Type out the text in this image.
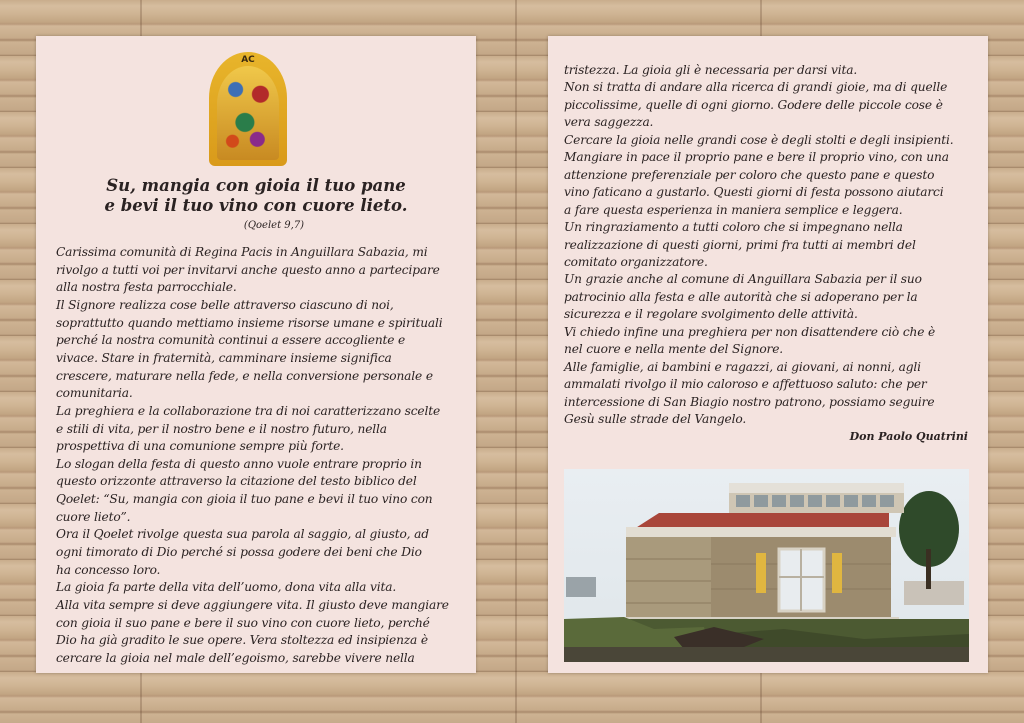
AC
Su, mangia con gioia il tuo pane
e bevi il tuo vino con cuore lieto.
(Qoelet 9,7)
Carissima comunità di Regina Pacis in Anguillara Sabazia, mi
rivolgo a tutti voi per invitarvi anche questo anno a partecipare
alla nostra festa parrocchiale.
Il Signore realizza cose belle attraverso ciascuno di noi,
soprattutto quando mettiamo insieme risorse umane e spirituali
perché la nostra comunità continui a essere accogliente e
vivace. Stare in fraternità, camminare insieme significa
crescere, maturare nella fede, e nella conversione personale e
comunitaria.
La preghiera e la collaborazione tra di noi caratterizzano scelte
e stili di vita, per il nostro bene e il nostro futuro, nella
prospettiva di una comunione sempre più forte.
Lo slogan della festa di questo anno vuole entrare proprio in
questo orizzonte attraverso la citazione del testo biblico del
Qoelet: “Su, mangia con gioia il tuo pane e bevi il tuo vino con
cuore lieto”.
Ora il Qoelet rivolge questa sua parola al saggio, al giusto, ad
ogni timorato di Dio perché si possa godere dei beni che Dio
ha concesso loro.
La gioia fa parte della vita dell’uomo, dona vita alla vita.
Alla vita sempre si deve aggiungere vita. Il giusto deve mangiare
con gioia il suo pane e bere il suo vino con cuore lieto, perché
Dio ha già gradito le sue opere. Vera stoltezza ed insipienza è
cercare la gioia nel male dell’egoismo, sarebbe vivere nella
tristezza. La gioia gli è necessaria per darsi vita.
Non si tratta di andare alla ricerca di grandi gioie, ma di quelle
piccolissime, quelle di ogni giorno. Godere delle piccole cose è
vera saggezza.
Cercare la gioia nelle grandi cose è degli stolti e degli insipienti.
Mangiare in pace il proprio pane e bere il proprio vino, con una
attenzione preferenziale per coloro che questo pane e questo
vino faticano a gustarlo. Questi giorni di festa possono aiutarci
a fare questa esperienza in maniera semplice e leggera.
Un ringraziamento a tutti coloro che si impegnano nella
realizzazione di questi giorni, primi fra tutti ai membri del
comitato organizzatore.
Un grazie anche al comune di Anguillara Sabazia per il suo
patrocinio alla festa e alle autorità che si adoperano per la
sicurezza e il regolare svolgimento delle attività.
Vi chiedo infine una preghiera per non disattendere ciò che è
nel cuore e nella mente del Signore.
Alle famiglie, ai bambini e ragazzi, ai giovani, ai nonni, agli
ammalati rivolgo il mio caloroso e affettuoso saluto: che per
intercessione di San Biagio nostro patrono, possiamo seguire
Gesù sulle strade del Vangelo.
Don Paolo Quatrini
